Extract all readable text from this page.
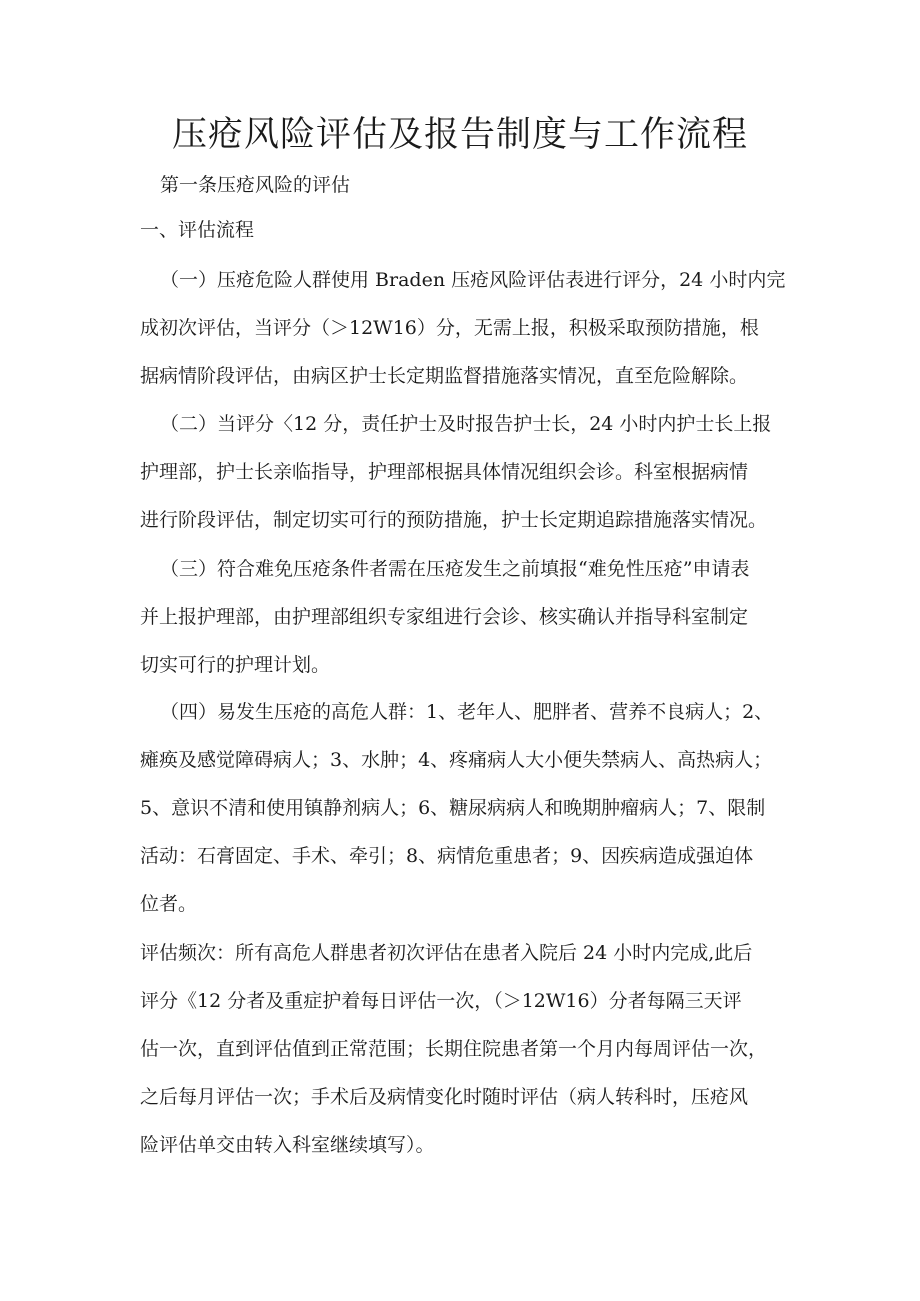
压疮风险评估及报告制度与工作流程

第一条压疮风险的评估

一、评估流程

（一）压疮危险人群使用 Braden 压疮风险评估表进行评分，24 小时内完
成初次评估，当评分（＞12W16）分，无需上报，积极采取预防措施，根
据病情阶段评估，由病区护士长定期监督措施落实情况，直至危险解除。
（二）当评分〈12 分，责任护士及时报告护士长，24 小时内护士长上报
护理部，护士长亲临指导，护理部根据具体情况组织会诊。科室根据病情
进行阶段评估，制定切实可行的预防措施，护士长定期追踪措施落实情况。
（三）符合难免压疮条件者需在压疮发生之前填报“难免性压疮”申请表
并上报护理部，由护理部组织专家组进行会诊、核实确认并指导科室制定
切实可行的护理计划。
（四）易发生压疮的高危人群：1、老年人、肥胖者、营养不良病人；2、
瘫痪及感觉障碍病人；3、水肿；4、疼痛病人大小便失禁病人、高热病人；
5、意识不清和使用镇静剂病人；6、糖尿病病人和晚期肿瘤病人；7、限制
活动：石膏固定、手术、牵引；8、病情危重患者；9、因疾病造成强迫体
位者。
评估频次：所有高危人群患者初次评估在患者入院后 24 小时内完成,此后
评分《12 分者及重症护着每日评估一次，（＞12W16）分者每隔三天评
估一次，直到评估值到正常范围；长期住院患者第一个月内每周评估一次，
之后每月评估一次；手术后及病情变化时随时评估（病人转科时，压疮风
险评估单交由转入科室继续填写）。
